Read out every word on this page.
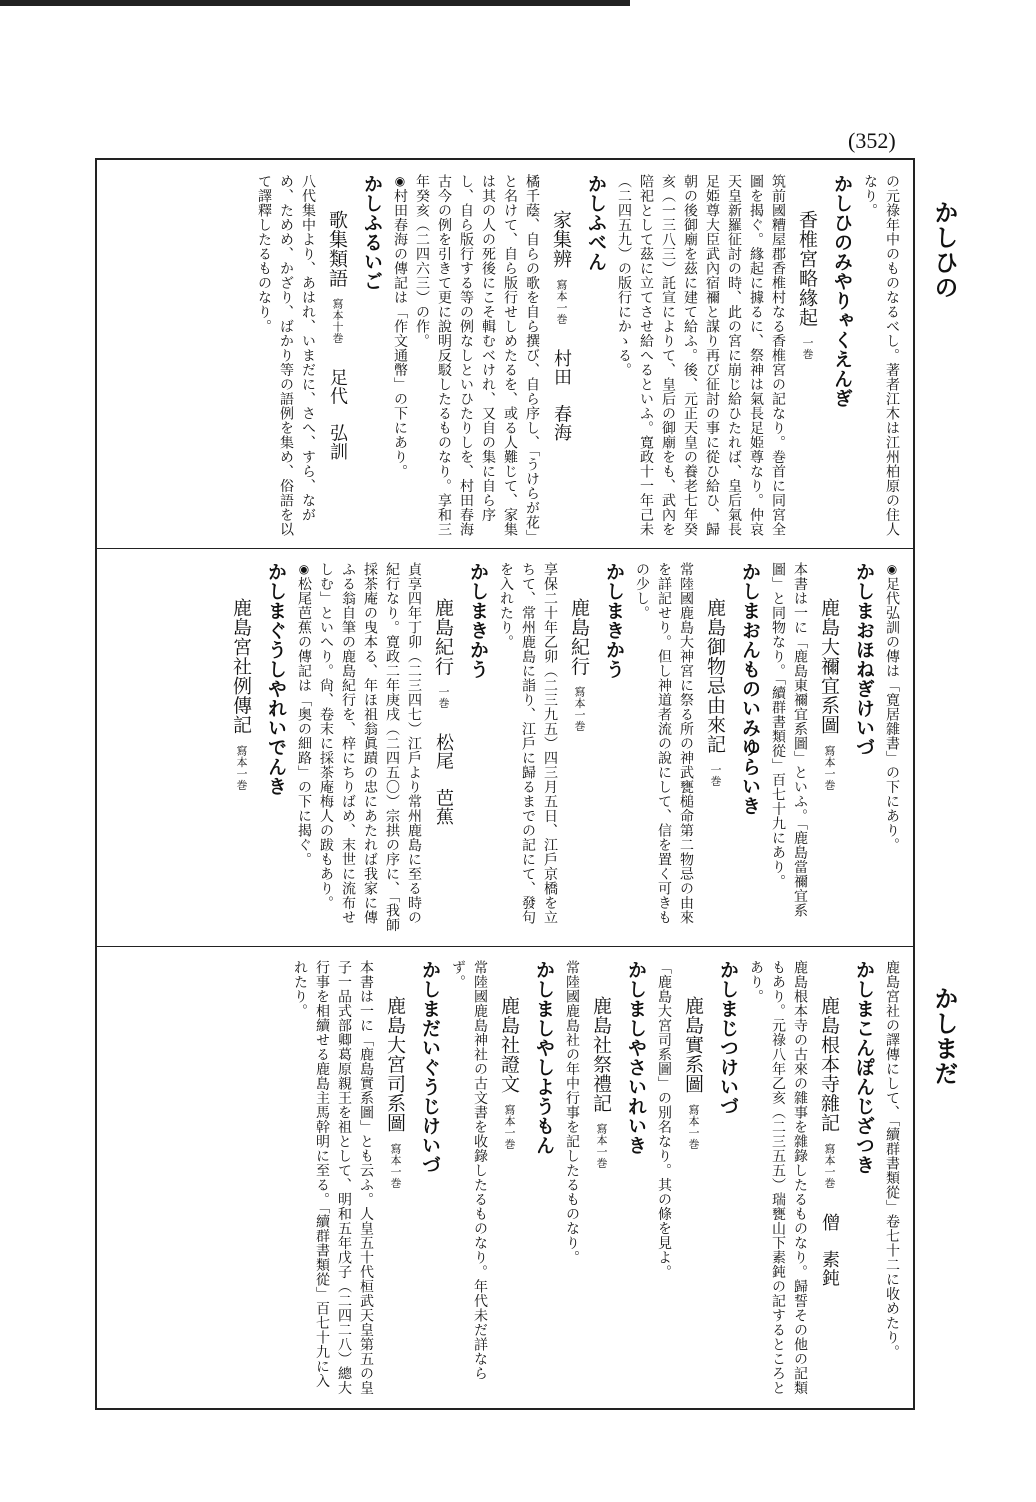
(352)
かしひの
かしまだ
の元祿年中のものなるべし。著者江木は江州柏原の住人なり。
かしひのみやりゃくえんぎ
香椎宮略緣起一巻
筑前國糟屋郡香椎村なる香椎宮の記なり。巻首に同宮全圖を揭ぐ。緣起に據るに、祭神は氣長足姫尊なり。仲哀天皇新羅征討の時、此の宮に崩じ給ひたれば、皇后氣長足姫尊大臣武內宿禰と謀り再び征討の事に從ひ給ひ、歸朝の後御廟を茲に建て給ふ。後、元正天皇の養老七年癸亥（一三八三）託宣によりて、皇后の御廟をも、武內を陪祀として茲に立てさせ給へるといふ。寛政十一年己未（二四五九）の版行にかゝる。
かしふべん
家集辨寫本一巻村田　春海
橘千蔭、自らの歌を自ら撰び、自ら序し、「うけらが花」と名けて、自ら版行せしめたるを、或る人難じて、家集は其の人の死後にこそ輯むべけれ、又自の集に自ら序し、自ら版行する等の例なしといひたりしを、村田春海古今の例を引きて更に說明反駁したるものなり。享和三年癸亥（二四六三）の作。
◉ 村田春海の傳記は「作文通幣」の下にあり。
かしふるいご
歌集類語寫本十巻足代　弘訓
八代集中より、あはれ、いまだに、さへ、すら、ながめ、ためめ、かざり、ばかり等の語例を集め、俗語を以て譯釋したるものなり。
◉ 足代弘訓の傳は「寛居雜書」の下にあり。
かしまおほねぎけいづ
鹿島大禰宜系圖寫本一巻
本書は一に「鹿島東禰宜系圖」といふ。「鹿島當禰宜系圖」と同物なり。「續群書類從」百七十九にあり。
かしまおんものいみゆらいき
鹿島御物忌由來記一巻
常陸國鹿島大神宮に祭る所の神武甕槌命第二物忌の由來を詳記せり。但し神道者流の說にして、信を置く可きもの少し。
かしまきかう
鹿島紀行寫本一巻
享保二十年乙卯（二三九五）四三月五日、江戶京橋を立ちて、常州鹿島に詣り、江戶に歸るまでの記にて、發句を入れたり。
かしまきかう
鹿島紀行一巻松尾　芭蕉
貞享四年丁卯（二三四七）江戶より常州鹿島に至る時の紀行なり。寛政二年庚戌（二四五〇）宗拱の序に、「我師採茶庵の曳本る、年ほ祖翁眞蹟の忠にあたれば我家に傳ふる翁自筆の鹿島紀行を、梓にちりばめ、末世に流布せしむ」といへり。尙、卷末に採茶庵梅人の跋もあり。
◉ 松尾芭蕉の傳記は「奥の細路」の下に揭ぐ。
かしまぐうしやれいでんき
鹿島宮社例傳記寫本一巻
鹿島宮社の譯傳にして、「續群書類從」卷七十二に收めたり。
かしまこんぽんじざつき
鹿島根本寺雜記寫本一巻僧　素鈍
鹿島根本寺の古來の雜事を雜錄したるものなり。歸誓その他の記類もあり。元祿八年乙亥（二三五五）瑞甕山下素鈍の記するところとあり。
かしまじつけいづ
鹿島實系圖寫本一巻
「鹿島大宮司系圖」の別名なり。其の條を見よ。
かしましやさいれいき
鹿島社祭禮記寫本一巻
常陸國鹿島社の年中行事を記したるものなり。
かしましやしようもん
鹿島社證文寫本一巻
常陸國鹿島神社の古文書を收錄したるものなり。年代未だ詳ならず。
かしまだいぐうじけいづ
鹿島大宮司系圖寫本一巻
本書は一に「鹿島實系圖」とも云ふ。人皇五十代桓武天皇第五の皇子一品式部卿葛原親王を祖として、明和五年戊子（二四二八）總大行事を相續せる鹿島主馬幹明に至る。「續群書類從」百七十九に入れたり。
